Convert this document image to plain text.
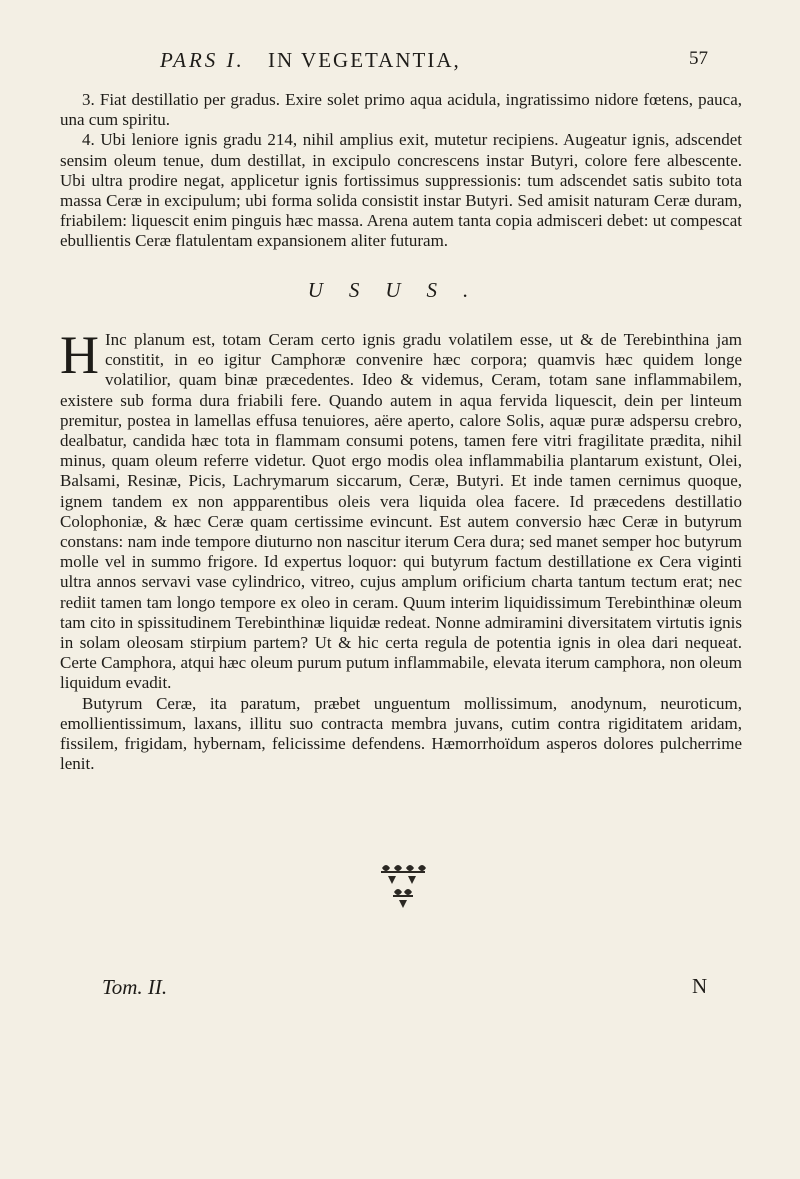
PARS I. IN VEGETANTIA,	57

3. Fiat destillatio per gradus. Exire solet primo aqua acidula, ingratissimo nidore fœtens, pauca, una cum spiritu.

4. Ubi leniore ignis gradu 214, nihil amplius exit, mutetur recipiens. Augeatur ignis, adscendet sensim oleum tenue, dum destillat, in excipulo concrescens instar Butyri, colore fere albescente. Ubi ultra prodire negat, applicetur ignis fortissimus suppressionis: tum adscendet satis subito tota massa Ceræ in excipulum; ubi forma solida consistit instar Butyri. Sed amisit naturam Ceræ duram, friabilem: liquescit enim pinguis hæc massa. Arena autem tanta copia admisceri debet: ut compescat ebullientis Ceræ flatulentam expansionem aliter futuram.

USUS.

H Inc planum est, totam Ceram certo ignis gradu volatilem esse, ut & de Terebinthina jam constitit, in eo igitur Camphoræ convenire hæc corpora; quamvis hæc quidem longe volatilior, quam binæ præcedentes. Ideo & videmus, Ceram, totam sane inflammabilem, existere sub forma dura friabili fere. Quando autem in aqua fervida liquescit, dein per linteum premitur, postea in lamellas effusa tenuiores, aëre aperto, calore Solis, aquæ puræ adspersu crebro, dealbatur, candida hæc tota in flammam consumi potens, tamen fere vitri fragilitate prædita, nihil minus, quam oleum referre videtur. Quot ergo modis olea inflammabilia plantarum existunt, Olei, Balsami, Resinæ, Picis, Lachrymarum siccarum, Ceræ, Butyri. Et inde tamen cernimus quoque, ignem tandem ex non appparentibus oleis vera liquida olea facere. Id præcedens destillatio Colophoniæ, & hæc Ceræ quam certissime evincunt. Est autem conversio hæc Ceræ in butyrum constans: nam inde tempore diuturno non nascitur iterum Cera dura; sed manet semper hoc butyrum molle vel in summo frigore. Id expertus loquor: qui butyrum factum destillatione ex Cera viginti ultra annos servavi vase cylindrico, vitreo, cujus amplum orificium charta tantum tectum erat; nec rediit tamen tam longo tempore ex oleo in ceram. Quum interim liquidissimum Terebinthinæ oleum tam cito in spissitudinem Terebinthinæ liquidæ redeat. Nonne admiramini diversitatem virtutis ignis in solam oleosam stirpium partem? Ut & hic certa regula de potentia ignis in olea dari nequeat. Certe Camphora, atqui hæc oleum purum putum inflammabile, elevata iterum camphora, non oleum liquidum evadit.

Butyrum Ceræ, ita paratum, præbet unguentum mollissimum, anodynum, neuroticum, emollientissimum, laxans, illitu suo contracta membra juvans, cutim contra rigiditatem aridam, fissilem, frigidam, hybernam, felicissime defendens. Hæmorrhoïdum asperos dolores pulcherrime lenit.

Tom. II.	N
